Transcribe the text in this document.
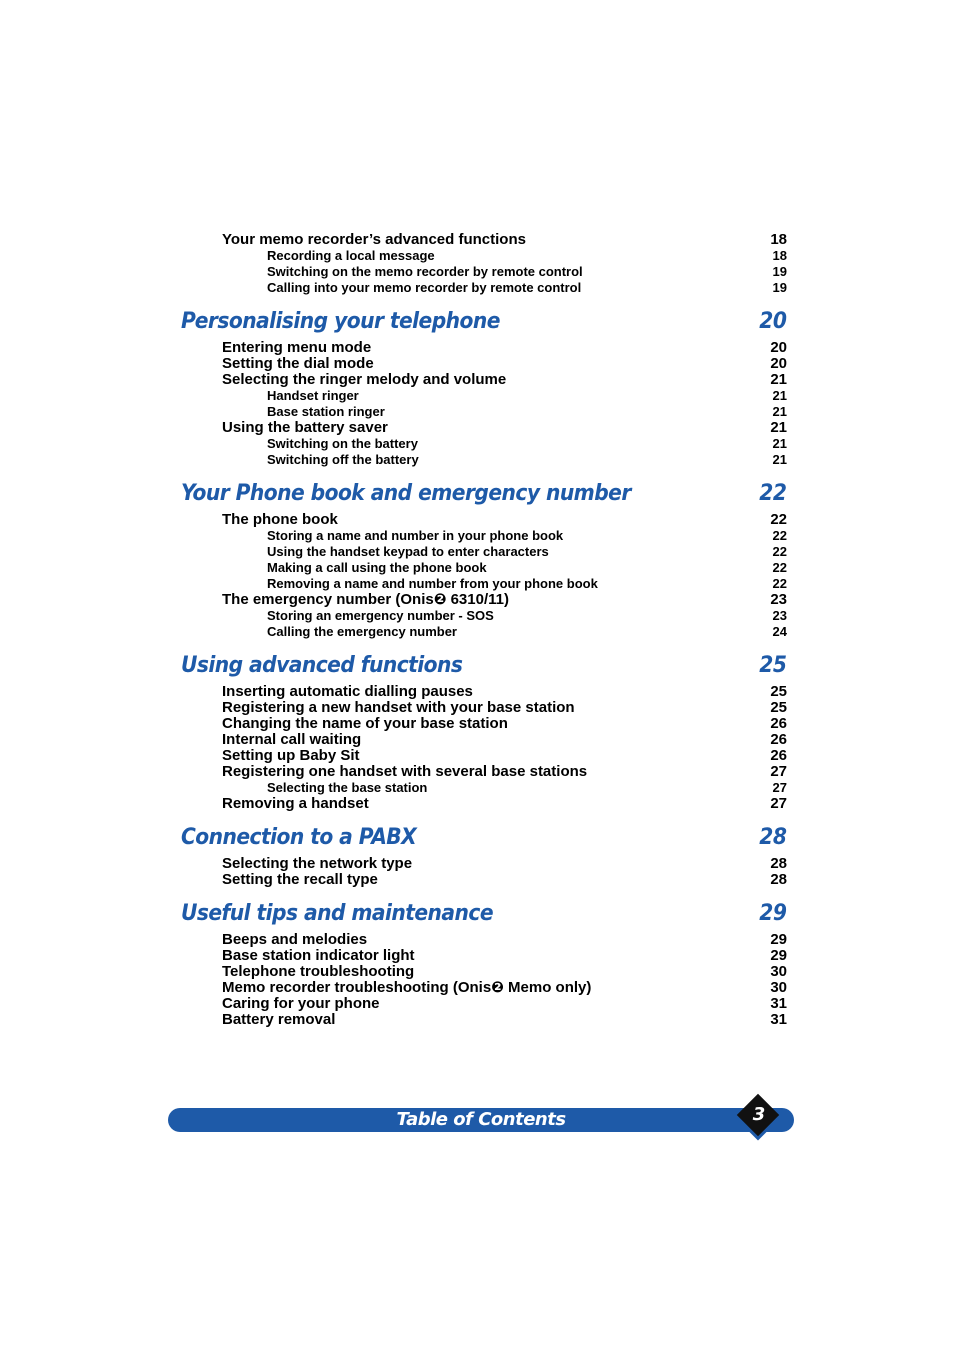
Your memo recorder’s advanced functions	18
Recording a local message	18
Switching on the memo recorder by remote control	19
Calling into your memo recorder by remote control	19
Personalising your telephone	20
Entering menu mode	20
Setting the dial mode	20
Selecting the ringer melody and volume	21
Handset ringer	21
Base station ringer	21
Using the battery saver	21
Switching on the battery	21
Switching off the battery	21
Your Phone book and emergency number	22
The phone book	22
Storing a name and number in your phone book	22
Using the handset keypad to enter characters	22
Making a call using the phone book	22
Removing a name and number from your phone book	22
The emergency number (Onis❷ 6310/11)	23
Storing an emergency number - SOS	23
Calling the emergency number	24
Using advanced functions	25
Inserting automatic dialling pauses	25
Registering a new handset with your base station	25
Changing the name of your base station	26
Internal call waiting	26
Setting up Baby Sit	26
Registering one handset with several base stations	27
Selecting the base station	27
Removing a handset	27
Connection to a PABX	28
Selecting the network type	28
Setting the recall type	28
Useful tips and maintenance	29
Beeps and melodies	29
Base station indicator light	29
Telephone troubleshooting	30
Memo recorder troubleshooting (Onis❷ Memo only)	30
Caring for your phone	31
Battery removal	31
Table of Contents	3
